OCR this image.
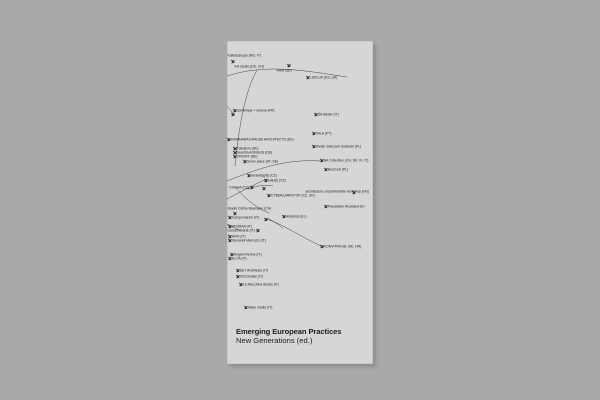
Kaleidoscope (NO, IT)
KH studio (DK, CH)
AHM (SE)
LUKLUK (ES, UK)
dominique + serena (FR)
ŠA Atelier (IT)
FALA (PT)
KAMINARA KRAUSE ARCHITECTS (DE)
Atelier Starczek Urabecki (PL)
Fabulism (DE)
Guerilla Architects (DE)
ON/OFF (DE)
Some place (AT, DE)	AA Collective (CH, DK, FI, IT)
BeeCool (PL)
veranda(pfj) (CZ)
KOGAA (CZ)
eriks(l) (CZ)
CYBERLARKSTOP (CZ, SK)
architecture uncomfortable workshop (HU)
Studio Céline Baumann (CH)	Parasitaire Arcadia (HU)
Campomarzio (IT)	Adrastos (EL)
ATOMAA (IT)
Lamaformarte (IT)
HRO (IT)
Giovanni Marcuzzi (IT)
KONVITRA (SI, MK, HR)
Angelo Renna (IT)
ELCA (IT)
SET Architects (IT)
Orizzontale (IT)
La Macchina Studio (IT)
didee studio (IT)
Emerging European Practices
New Generations (ed.)
